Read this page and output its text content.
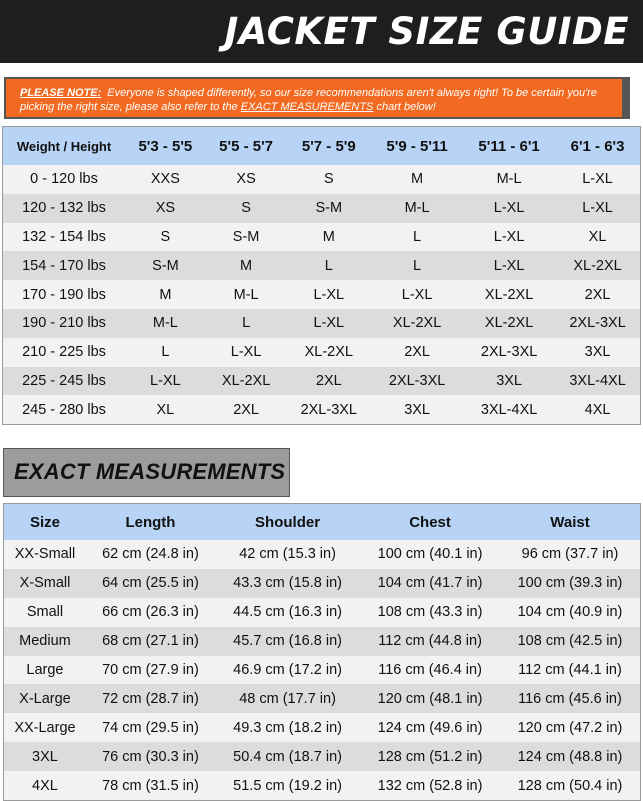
JACKET SIZE GUIDE
PLEASE NOTE: Everyone is shaped differently, so our size recommendations aren't always right! To be certain you're picking the right size, please also refer to the EXACT MEASUREMENTS chart below!
Weight / Height	5'3 - 5'5	5'5 - 5'7	5'7 - 5'9	5'9 - 5'11	5'11 - 6'1	6'1 - 6'3
0 - 120 lbs	XXS	XS	S	M	M-L	L-XL
120 - 132 lbs	XS	S	S-M	M-L	L-XL	L-XL
132 - 154 lbs	S	S-M	M	L	L-XL	XL
154 - 170 lbs	S-M	M	L	L	L-XL	XL-2XL
170 - 190 lbs	M	M-L	L-XL	L-XL	XL-2XL	2XL
190 - 210 lbs	M-L	L	L-XL	XL-2XL	XL-2XL	2XL-3XL
210 - 225 lbs	L	L-XL	XL-2XL	2XL	2XL-3XL	3XL
225 - 245 lbs	L-XL	XL-2XL	2XL	2XL-3XL	3XL	3XL-4XL
245 - 280 lbs	XL	2XL	2XL-3XL	3XL	3XL-4XL	4XL
EXACT MEASUREMENTS
Size	Length	Shoulder	Chest	Waist
XX-Small	62 cm (24.8 in)	42 cm (15.3 in)	100 cm (40.1 in)	96 cm (37.7 in)
X-Small	64 cm (25.5 in)	43.3 cm (15.8 in)	104 cm (41.7 in)	100 cm (39.3 in)
Small	66 cm (26.3 in)	44.5 cm (16.3 in)	108 cm (43.3 in)	104 cm (40.9 in)
Medium	68 cm (27.1 in)	45.7 cm (16.8 in)	112 cm (44.8 in)	108 cm (42.5 in)
Large	70 cm (27.9 in)	46.9 cm (17.2 in)	116 cm (46.4 in)	112 cm (44.1 in)
X-Large	72 cm (28.7 in)	48 cm (17.7 in)	120 cm (48.1 in)	116 cm (45.6 in)
XX-Large	74 cm (29.5 in)	49.3 cm (18.2 in)	124 cm (49.6 in)	120 cm (47.2 in)
3XL	76 cm (30.3 in)	50.4 cm (18.7 in)	128 cm (51.2 in)	124 cm (48.8 in)
4XL	78 cm (31.5 in)	51.5 cm (19.2 in)	132 cm (52.8 in)	128 cm (50.4 in)
